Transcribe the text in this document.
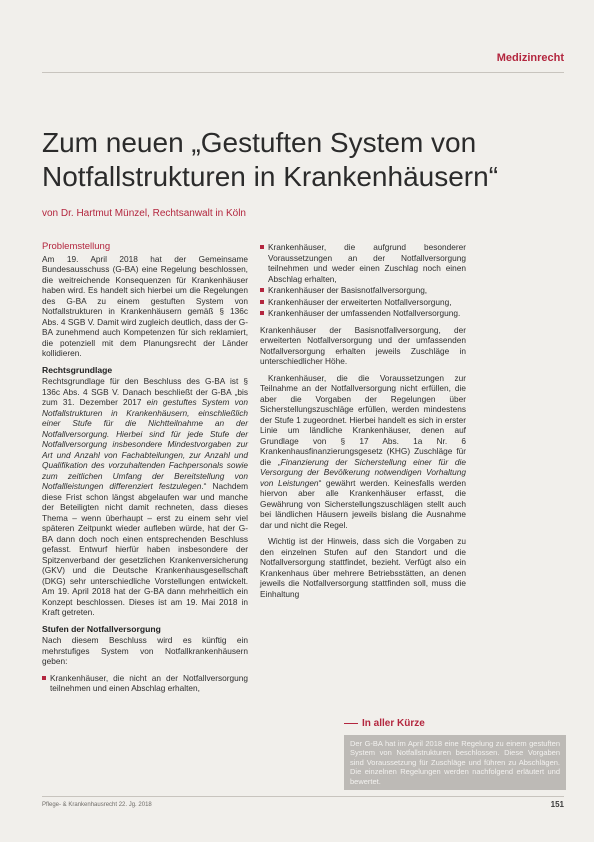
Medizinrecht
Zum neuen „Gestuften System von Notfallstrukturen in Krankenhäusern“
von Dr. Hartmut Münzel, Rechtsanwalt in Köln
Problemstellung

Am 19. April 2018 hat der Gemeinsame Bundesausschuss (G-BA) eine Regelung beschlossen, die weitreichende Konsequenzen für Krankenhäuser haben wird. Es handelt sich hierbei um die Regelungen des G-BA zu einem gestuften System von Notfallstrukturen in Krankenhäusern gemäß § 136c Abs. 4 SGB V. Damit wird zugleich deutlich, dass der G-BA zunehmend auch Kompetenzen für sich reklamiert, die potenziell mit dem Planungsrecht der Länder kollidieren.

Rechtsgrundlage

Rechtsgrundlage für den Beschluss des G-BA ist § 136c Abs. 4 SGB V. Danach beschließt der G-BA „bis zum 31. Dezember 2017 ein gestuftes System von Notfallstrukturen in Krankenhäusern, einschließlich einer Stufe für die Nichtteilnahme an der Notfallversorgung. Hierbei sind für jede Stufe der Notfallversorgung insbesondere Mindestvorgaben zur Art und Anzahl von Fachabteilungen, zur Anzahl und Qualifikation des vorzuhaltenden Fachpersonals sowie zum zeitlichen Umfang der Bereitstellung von Notfallleistungen differenziert festzulegen.“ Nachdem diese Frist schon längst abgelaufen war und manche der Beteiligten nicht damit rechneten, dass dieses Thema – wenn überhaupt – erst zu einem sehr viel späteren Zeitpunkt wieder aufleben würde, hat der G-BA dann doch noch einen entsprechenden Beschluss gefasst. Entwurf hierfür haben insbesondere der Spitzenverband der gesetzlichen Krankenversicherung (GKV) und die Deutsche Krankenhausgesellschaft (DKG) sehr unterschiedliche Vorstellungen entwickelt. Am 19. April 2018 hat der G-BA dann mehrheitlich ein Konzept beschlossen. Dieses ist am 19. Mai 2018 in Kraft getreten.

Stufen der Notfallversorgung

Nach diesem Beschluss wird es künftig ein mehrstufiges System von Notfallkrankenhäusern geben:

Krankenhäuser, die nicht an der Notfallversorgung teilnehmen und einen Abschlag erhalten,
Krankenhäuser, die aufgrund besonderer Voraussetzungen an der Notfallversorgung teilnehmen und weder einen Zuschlag noch einen Abschlag erhalten,
Krankenhäuser der Basisnotfallversorgung,
Krankenhäuser der erweiterten Notfallversorgung,
Krankenhäuser der umfassenden Notfallversorgung.

Krankenhäuser der Basisnotfallversorgung, der erweiterten Notfallversorgung und der umfassenden Notfallversorgung erhalten jeweils Zuschläge in unterschiedlicher Höhe.

Krankenhäuser, die die Voraussetzungen zur Teilnahme an der Notfallversorgung nicht erfüllen, die aber die Vorgaben der Regelungen über Sicherstellungszuschläge erfüllen, werden mindestens der Stufe 1 zugeordnet. Hierbei handelt es sich in erster Linie um ländliche Krankenhäuser, denen auf Grundlage von § 17 Abs. 1a Nr. 6 Krankenhausfinanzierungsgesetz (KHG) Zuschläge für die „Finanzierung der Sicherstellung einer für die Versorgung der Bevölkerung notwendigen Vorhaltung von Leistungen“ gewährt werden. Keinesfalls werden hiervon aber alle Krankenhäuser erfasst, die Gewährung von Sicherstellungszuschlägen stellt auch bei ländlichen Häusern jeweils bislang die Ausnahme dar und nicht die Regel.

Wichtig ist der Hinweis, dass sich die Vorgaben zu den einzelnen Stufen auf den Standort und die Notfallversorgung stattfindet, bezieht. Verfügt also ein Krankenhaus über mehrere Betriebsstätten, an denen jeweils die Notfallversorgung stattfinden soll, muss die Einhaltung

In aller Kürze
Der G-BA hat im April 2018 eine Regelung zu einem gestuften System von Notfallstrukturen beschlossen. Diese Vorgaben sind Voraussetzung für Zuschläge und führen zu Abschlägen. Die einzelnen Regelungen werden nachfolgend erläutert und bewertet.
Pflege- & Krankenhausrecht 22. Jg. 2018	151
